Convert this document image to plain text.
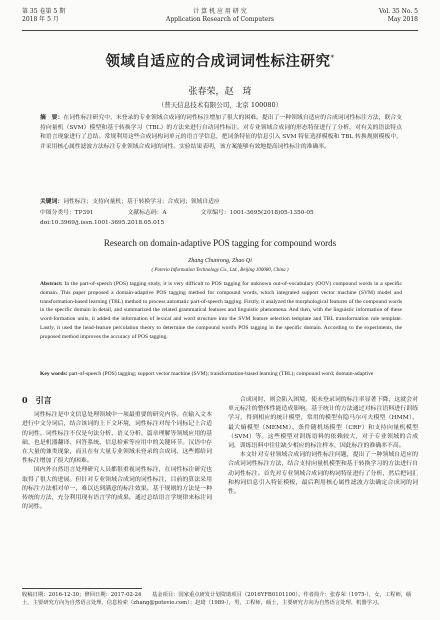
第 35 卷第 5 期
2018 年 5 月
计 算 机 应 用 研 究
Application Research of Computers
Vol. 35 No. 5
May 2018
领域自适应的合成词词性标注研究*
张春荣，赵　琦
（普天信息技术有限公司，北京 100080）
摘　要：在词性标注研究中，未登录的专业领域合成词的词性标注增加了很大的困难。提出了一种领域自适应的合成词词性标注方法，联合支持向量机（SVM）模型和基于转换学习（TBL）的方法来进行自动词性标注。对专业领域合成词的形态特征进行了分析，对有关的语法特点和语言现象进行了总结。常规利用这些合成词构词单元的语言学信息，把词条特征的信息引入 SVM 特征选择模板和 TBL 转换规则模板中，并采用核心属性滤波方法标注专业领域合成词的词性。实验结果表明，该方案能够有效地提高词性标注的准确率。
关键词：词性标注；支持向量机；基于转换学习；合成词；领域自适应
中图分类号：TP391	文献标志码：A	文章编号：1001-3695(2018)05-1350-05
doi:10.3969/j.issn.1001-3695.2018.05.015
Research on domain-adaptive POS tagging for compound words
Zhang Chunrong, Zhao Qi
( Potevio Information Technology Co., Ltd., Beijing 100080, China )
Abstract: In the part-of-speech (POS) tagging study, it is very difficult to POS tagging for unknown out-of-vocabulary (OOV) compound words in a specific domain. This paper proposed a domain-adaptive POS tagging method for compound words, which integrated support vector machine (SVM) model and transformation-based learning (TBL) method to process automatic part-of-speech tagging. Firstly, it analyzed the morphological features of the compound words in the specific domain in detail, and summarized the related grammatical features and linguistic phenomena. And then, with the linguistic information of these word-formation units, it added the information of lexical and word structure into the SVM feature selection template and TBL transformation rule template. Lastly, it used the head-feature percolation theory to determine the compound word's POS tagging in the specific domain. According to the experiments, the proposed method improves the accuracy of POS tagging.
Key words: part-of-speech (POS) tagging; support vector machine (SVM); transformation-based learning (TBL); compound word; domain-adaptive
0　引言

词性标注是中文信息处理领域中一项最重要的研究内容。在输入文本进行中文分词后，结合该词的上下文环境，词性标注对每个词标记上合适的词性。词性标注不仅是句法分析、语义分析、篇章理解等领域应用的基础，也是机器翻译、问答系统、信息检索等应用中的关键环节。汉语中存在大量的兼类现象，而且在有大量专业领域未登录的合成词，这些都给词性标注增加了很大的困难。

国内外自然语言处理研究人员都很重视词性标注，在词性标注研究也取得了很大的进展。但针对专业领域合成词的词性标注，目前的算法采用的标注方法相对单一，难以达到满意的标注效果。基于规则的方法是一种传统的方法，充分利用现有语言学的成果，通过总结语言学规律来标注词的词性。

合成词时，则会陷入困境，使未登录词的标注率显著下降，这就会对单元标注的整体性能造成影响。基于统计的方法通过对标注语料进行训练学习，得到相应的统计模型，常用的模型有隐马尔可夫模型（HMM）、最大熵模型（MEMM）、条件随机场模型（CRF）和支持向量机模型（SVM）等。这些模型对训练语料的依赖较大，对于专业领域的合成词，训练语料中往往缺少相应的标注样本，因此标注的准确率不高。

本文针对专业领域合成词的词性标注问题，提出了一种领域自适应的合成词词性标注方法，结合支持向量机模型和基于转换学习的方法进行自动词性标注。首先对专业领域合成词的构词特征进行了分析，然后把词汇和构词信息引入特征模板，最后利用核心属性滤波方法确定合成词的词性。

收稿日期：2016-12-30；修回日期：2017-02-24　　基金项目：国家重点研发计划资助项目（2016YFB0101100）。作者简介：张春荣（1975-），女，工程师，硕士，主要研究方向为自然语言处理、信息检索（zhang@potevio.com）；赵琦（1989-），男，工程师，硕士，主要研究方向为自然语言处理、机器学习。
